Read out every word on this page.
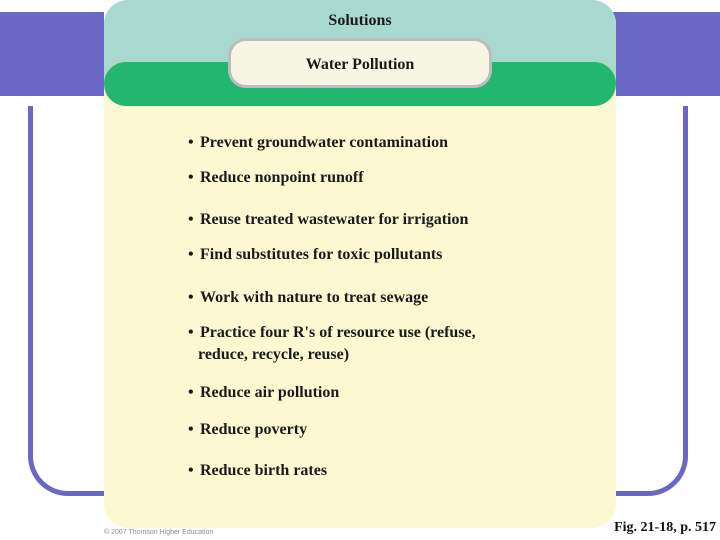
Solutions
Water Pollution
• Prevent groundwater contamination
• Reduce nonpoint runoff
• Reuse treated wastewater for irrigation
• Find substitutes for toxic pollutants
• Work with nature to treat sewage
• Practice four R's of resource use (refuse,
reduce, recycle, reuse)
• Reduce air pollution
• Reduce poverty
• Reduce birth rates
© 2007 Thomson Higher Education	Fig. 21-18, p. 517
